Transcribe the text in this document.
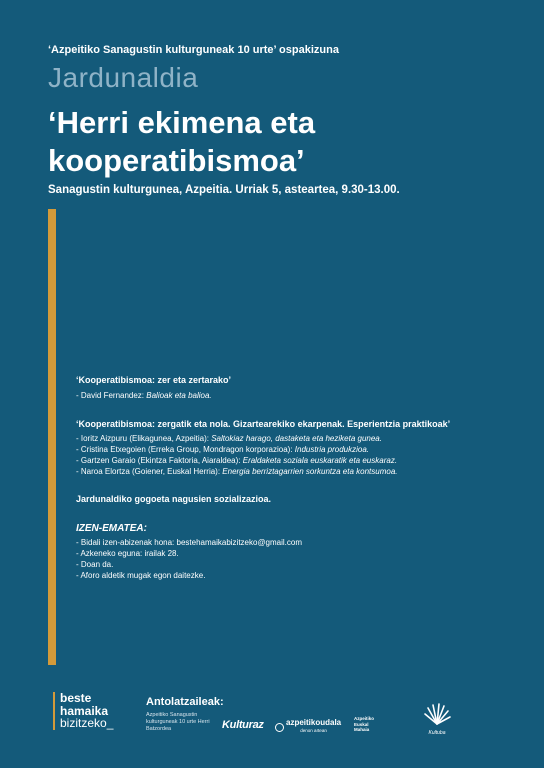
‘Azpeitiko Sanagustin kulturguneak 10 urte’ ospakizuna
Jardunaldia
‘Herri ekimena eta kooperatibismoa’
Sanagustin kulturgunea, Azpeitia. Urriak 5, asteartea, 9.30-13.00.

‘Kooperatibismoa: zer eta zertarako’

- David Fernandez: Balioak eta balioa.

‘Kooperatibismoa: zergatik eta nola. Gizartearekiko ekarpenak. Esperientzia praktikoak’

- Ioritz Aizpuru (Elikagunea, Azpeitia): Saltokiaz harago, dastaketa eta heziketa gunea.

- Cristina Etxegoien (Erreka Group, Mondragon korporazioa): Industria produkzioa.

- Gartzen Garaio (Ekintza Faktoria, Aiaraldea): Eraldaketa soziala euskaratik eta euskaraz.

- Naroa Elortza (Goiener, Euskal Herria): Energia berriztagarrien sorkuntza eta kontsumoa.

Jardunaldiko gogoeta nagusien sozializazioa.

IZEN-EMATEA:

- Bidali izen-abizenak hona: bestehamaikabizitzeko@gmail.com

- Azkeneko eguna: irailak 28.

- Doan da.

- Aforo aldetik mugak egon daitezke.

beste
hamaika
bizitzeko_
Antolatzaileak:
Azpeitiko Sanagustin kulturguneak 10 urte Herri Batzordea	Kulturaz	azpeitikoudala
denon artean
Azpeitiko Euskal Mahaia
Kultuba
